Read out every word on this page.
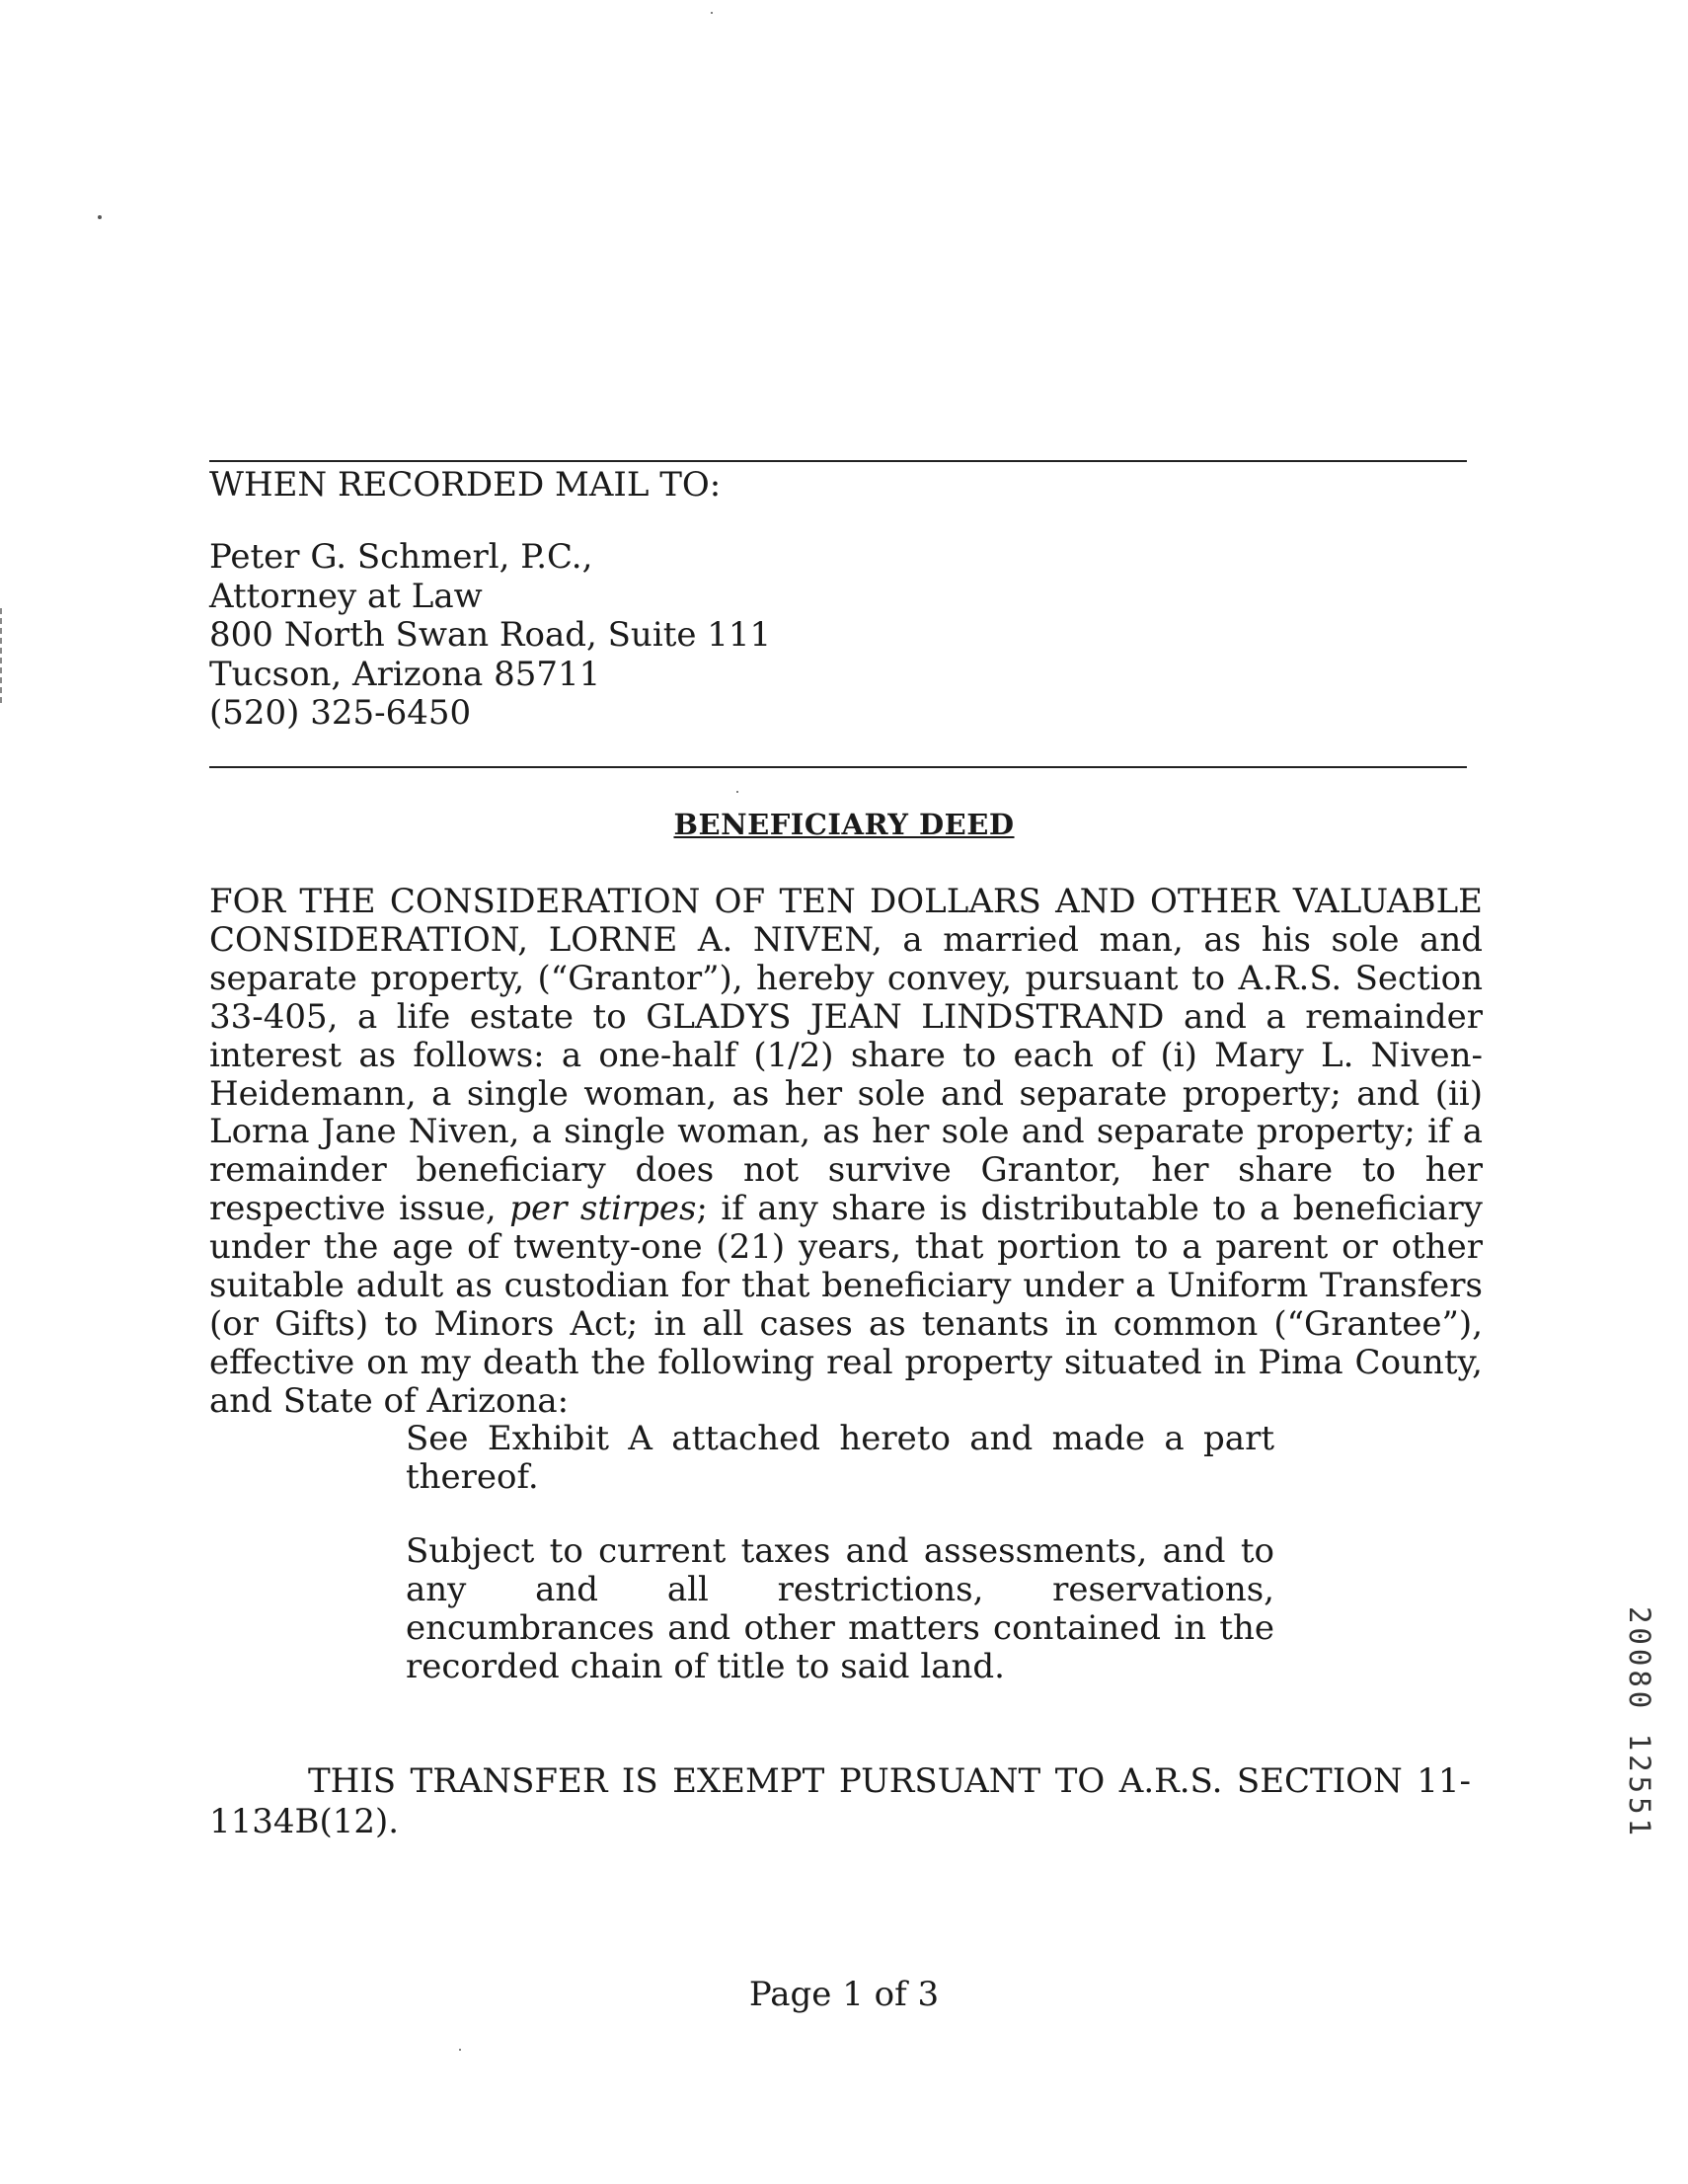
WHEN RECORDED MAIL TO:

Peter G. Schmerl, P.C.,
Attorney at Law
800 North Swan Road, Suite 111
Tucson, Arizona 85711
(520) 325-6450
BENEFICIARY DEED

FOR THE CONSIDERATION OF TEN DOLLARS AND OTHER VALUABLE CONSIDERATION, LORNE A. NIVEN, a married man, as his sole and separate property, (“Grantor”), hereby convey, pursuant to A.R.S. Section 33-405, a life estate to GLADYS JEAN LINDSTRAND and a remainder interest as follows: a one-half (1/2) share to each of (i) Mary L. Niven-Heidemann, a single woman, as her sole and separate property; and (ii) Lorna Jane Niven, a single woman, as her sole and separate property; if a remainder beneficiary does not survive Grantor, her share to her respective issue, per stirpes; if any share is distributable to a beneficiary under the age of twenty-one (21) years, that portion to a parent or other suitable adult as custodian for that beneficiary under a Uniform Transfers (or Gifts) to Minors Act; in all cases as tenants in common (“Grantee”), effective on my death the following real property situated in Pima County, and State of Arizona:

See Exhibit A attached hereto and made a part thereof.

Subject to current taxes and assessments, and to any and all restrictions, reservations, encumbrances and other matters contained in the recorded chain of title to said land.

THIS TRANSFER IS EXEMPT PURSUANT TO A.R.S. SECTION 11-1134B(12).

Page 1 of 3
20080 12551
